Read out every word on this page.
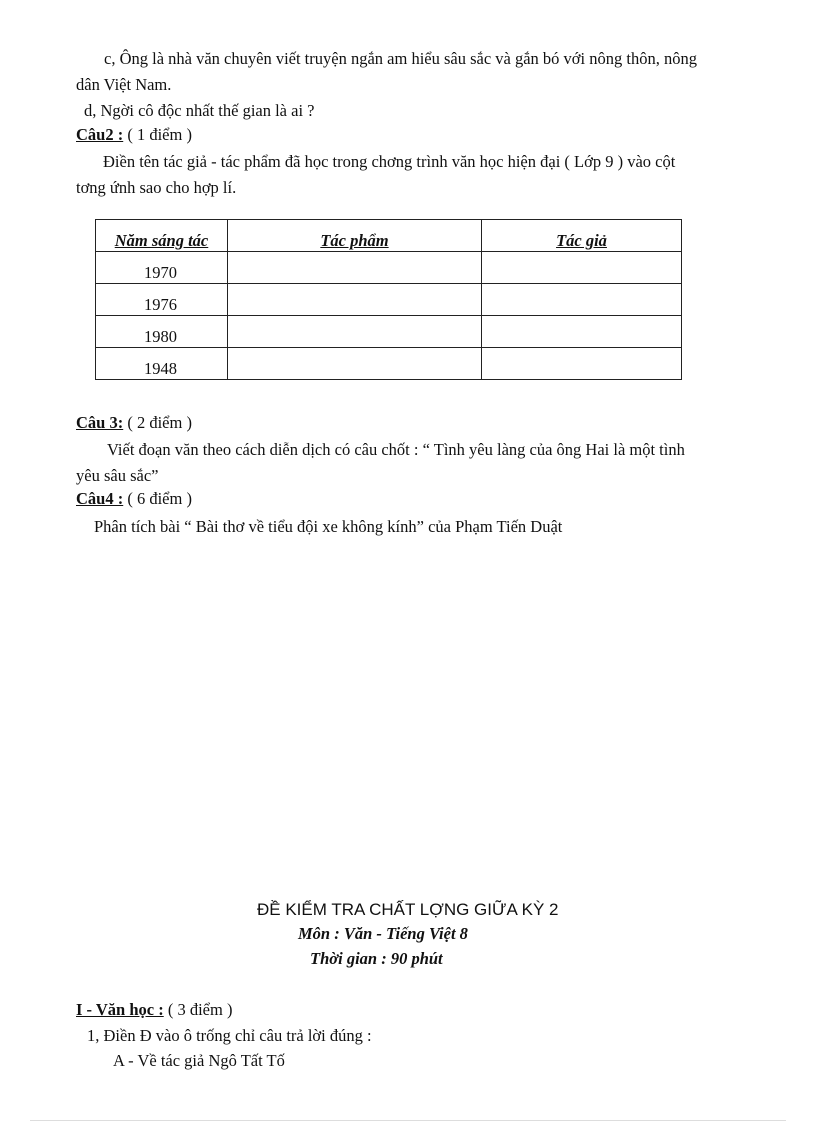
c, Ông là nhà văn chuyên viết truyện ngắn am hiểu sâu sắc và gắn bó với nông thôn, nông
dân Việt Nam.
d, Ngời cô độc nhất thế gian là ai ?
Câu2 : ( 1 điểm )
Điền tên tác giả - tác phẩm đã học trong chơng trình văn học hiện đại ( Lớp 9 ) vào cột
tơng ứnh sao cho hợp lí.
Năm sáng tác	Tác phẩm	Tác giả
1970		
1976		
1980		
1948		
Câu 3: ( 2 điểm )
Viết đoạn văn theo cách diễn dịch có câu chốt : “ Tình yêu làng của ông Hai là một tình
yêu sâu sắc”
Câu4 : ( 6 điểm )
Phân tích bài “ Bài thơ về tiểu đội xe không kính” của Phạm Tiến Duật
ĐỀ KIỂM TRA CHẤT LỢNG GIỮA KỲ 2
Môn : Văn - Tiếng Việt 8
Thời gian : 90 phút
I - Văn học : ( 3 điểm )
1, Điền Đ vào ô trống chỉ câu trả lời đúng :
A - Về tác giả Ngô Tất Tố
